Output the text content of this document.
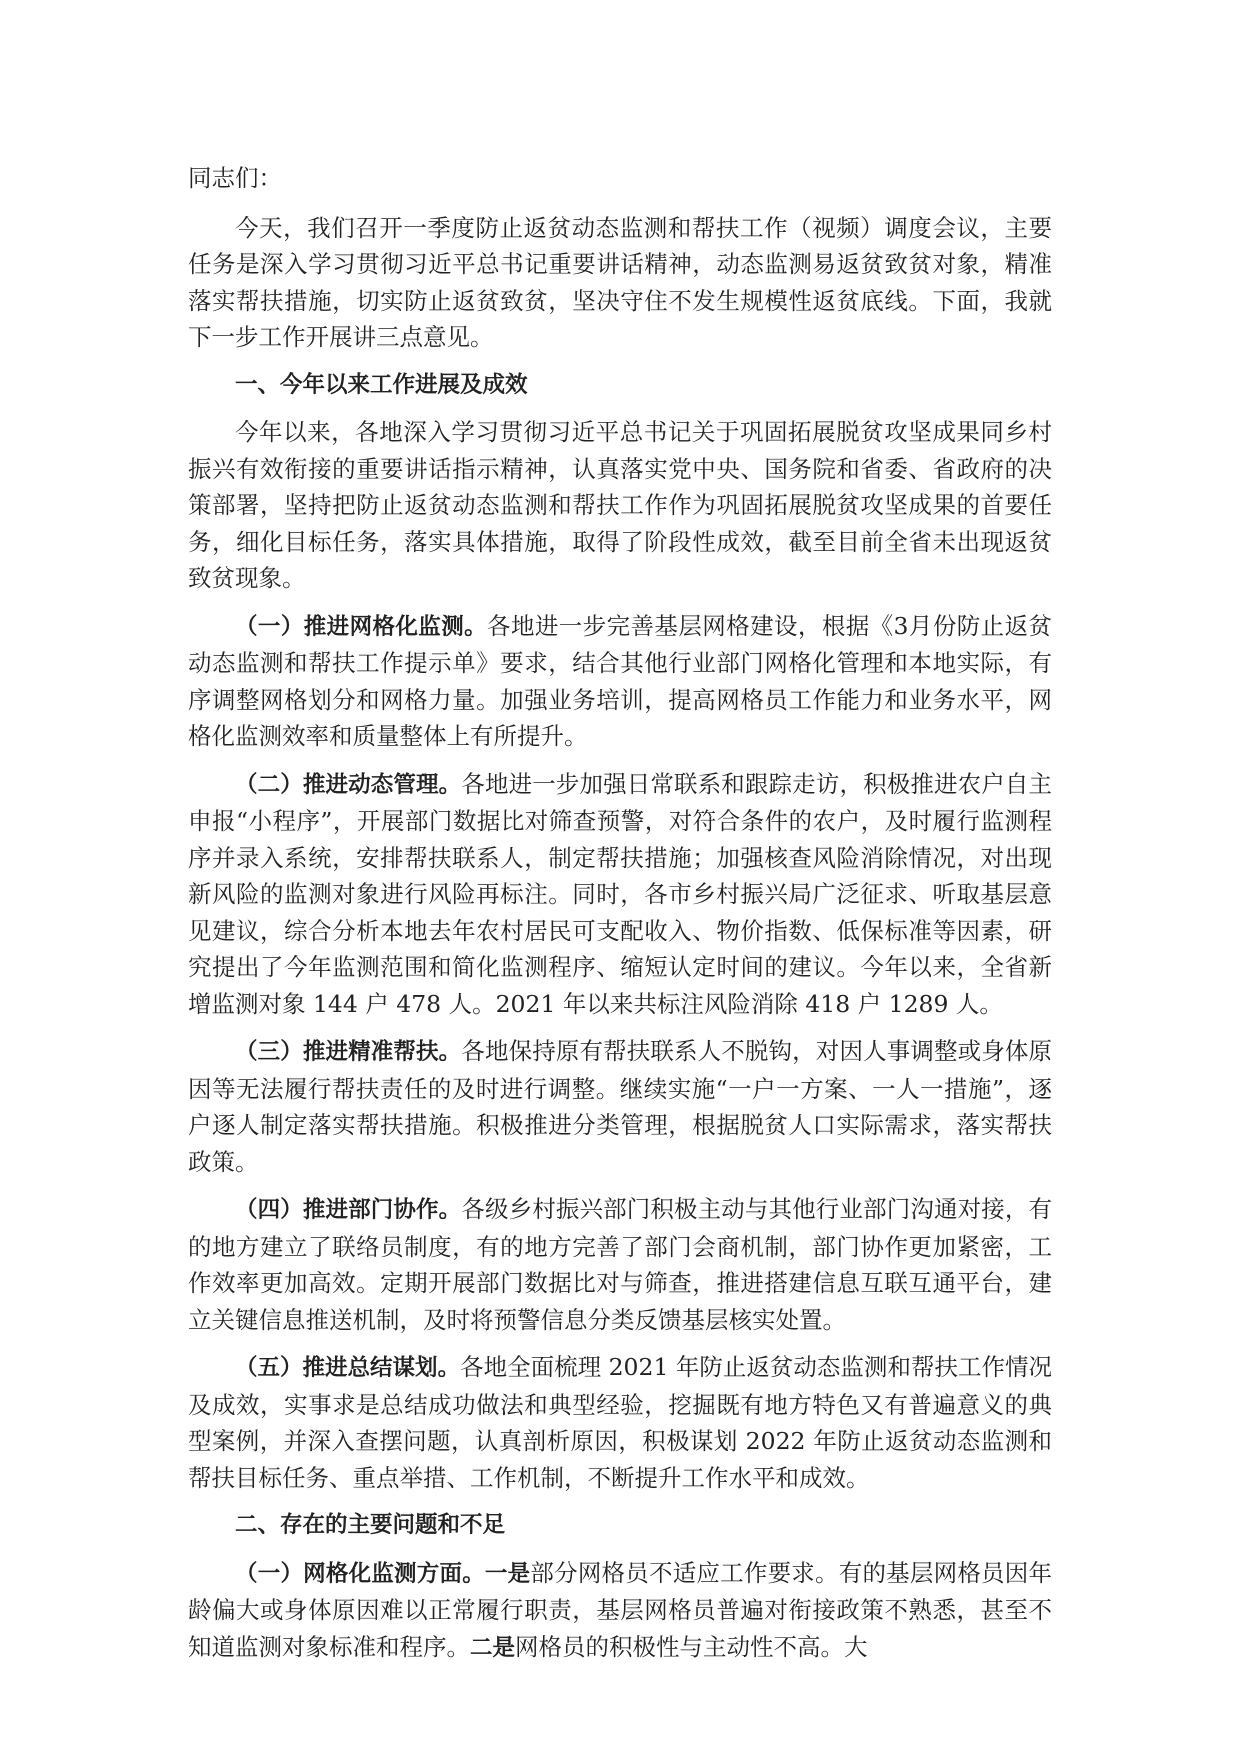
同志们：

今天，我们召开一季度防止返贫动态监测和帮扶工作（视频）调度会议，主要任务是深入学习贯彻习近平总书记重要讲话精神，动态监测易返贫致贫对象，精准落实帮扶措施，切实防止返贫致贫，坚决守住不发生规模性返贫底线。下面，我就下一步工作开展讲三点意见。

一、今年以来工作进展及成效

今年以来，各地深入学习贯彻习近平总书记关于巩固拓展脱贫攻坚成果同乡村振兴有效衔接的重要讲话指示精神，认真落实党中央、国务院和省委、省政府的决策部署，坚持把防止返贫动态监测和帮扶工作作为巩固拓展脱贫攻坚成果的首要任务，细化目标任务，落实具体措施，取得了阶段性成效，截至目前全省未出现返贫致贫现象。

（一）推进网格化监测。各地进一步完善基层网格建设，根据《3月份防止返贫动态监测和帮扶工作提示单》要求，结合其他行业部门网格化管理和本地实际，有序调整网格划分和网格力量。加强业务培训，提高网格员工作能力和业务水平，网格化监测效率和质量整体上有所提升。

（二）推进动态管理。各地进一步加强日常联系和跟踪走访，积极推进农户自主申报“小程序”，开展部门数据比对筛查预警，对符合条件的农户，及时履行监测程序并录入系统，安排帮扶联系人，制定帮扶措施；加强核查风险消除情况，对出现新风险的监测对象进行风险再标注。同时，各市乡村振兴局广泛征求、听取基层意见建议，综合分析本地去年农村居民可支配收入、物价指数、低保标准等因素，研究提出了今年监测范围和简化监测程序、缩短认定时间的建议。今年以来，全省新增监测对象 144 户 478 人。2021 年以来共标注风险消除 418 户 1289 人。

（三）推进精准帮扶。各地保持原有帮扶联系人不脱钩，对因人事调整或身体原因等无法履行帮扶责任的及时进行调整。继续实施“一户一方案、一人一措施”，逐户逐人制定落实帮扶措施。积极推进分类管理，根据脱贫人口实际需求，落实帮扶政策。

（四）推进部门协作。各级乡村振兴部门积极主动与其他行业部门沟通对接，有的地方建立了联络员制度，有的地方完善了部门会商机制，部门协作更加紧密，工作效率更加高效。定期开展部门数据比对与筛查，推进搭建信息互联互通平台，建立关键信息推送机制，及时将预警信息分类反馈基层核实处置。

（五）推进总结谋划。各地全面梳理 2021 年防止返贫动态监测和帮扶工作情况及成效，实事求是总结成功做法和典型经验，挖掘既有地方特色又有普遍意义的典型案例，并深入查摆问题，认真剖析原因，积极谋划 2022 年防止返贫动态监测和帮扶目标任务、重点举措、工作机制，不断提升工作水平和成效。

二、存在的主要问题和不足

（一）网格化监测方面。一是部分网格员不适应工作要求。有的基层网格员因年龄偏大或身体原因难以正常履行职责，基层网格员普遍对衔接政策不熟悉，甚至不知道监测对象标准和程序。二是网格员的积极性与主动性不高。大
